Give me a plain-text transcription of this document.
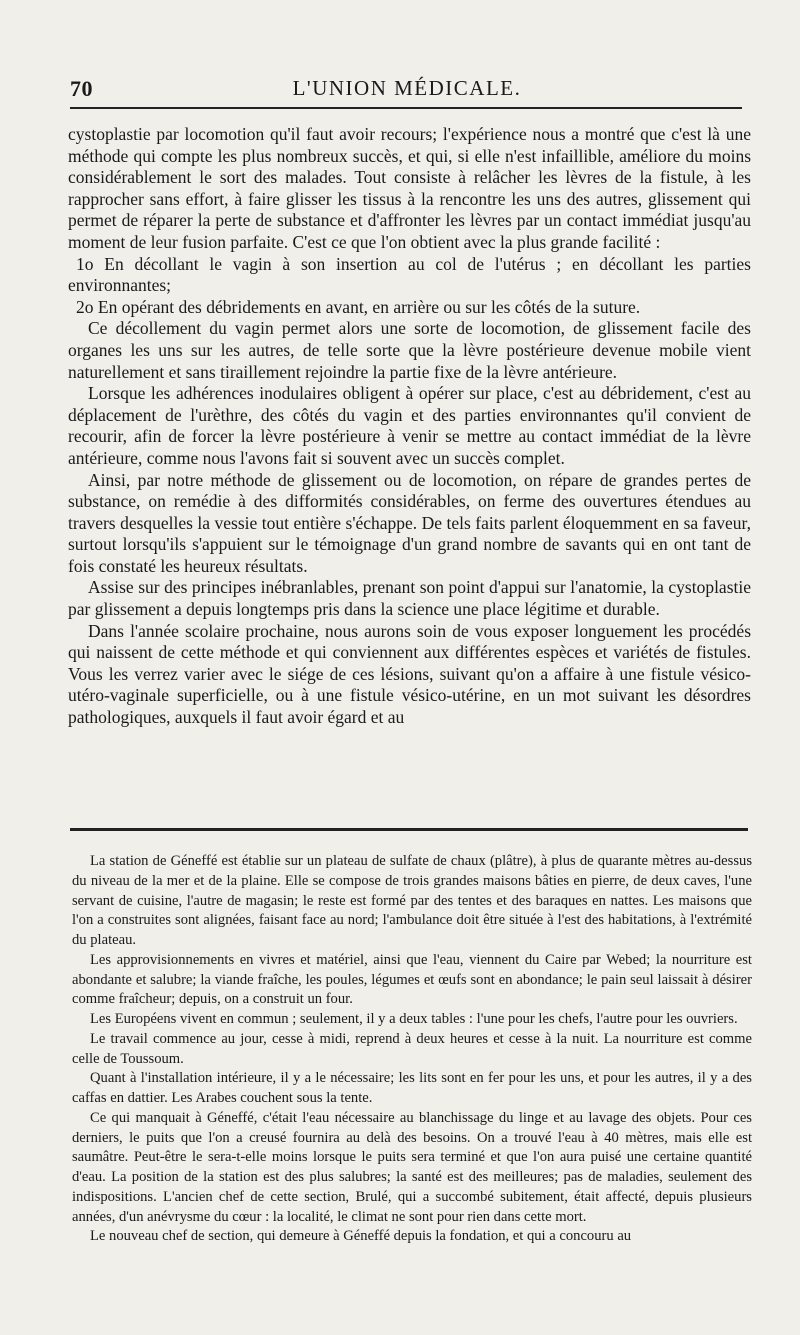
70	L'UNION MÉDICALE.

cystoplastie par locomotion qu'il faut avoir recours; l'expérience nous a montré que c'est là une méthode qui compte les plus nombreux succès, et qui, si elle n'est infaillible, améliore du moins considérablement le sort des malades. Tout consiste à relâcher les lèvres de la fistule, à les rapprocher sans effort, à faire glisser les tissus à la rencontre les uns des autres, glissement qui permet de réparer la perte de substance et d'affronter les lèvres par un contact immédiat jusqu'au moment de leur fusion parfaite. C'est ce que l'on obtient avec la plus grande facilité :

1o En décollant le vagin à son insertion au col de l'utérus ; en décollant les parties environnantes;

2o En opérant des débridements en avant, en arrière ou sur les côtés de la suture.

Ce décollement du vagin permet alors une sorte de locomotion, de glissement facile des organes les uns sur les autres, de telle sorte que la lèvre postérieure devenue mobile vient naturellement et sans tiraillement rejoindre la partie fixe de la lèvre antérieure.

Lorsque les adhérences inodulaires obligent à opérer sur place, c'est au débridement, c'est au déplacement de l'urèthre, des côtés du vagin et des parties environnantes qu'il convient de recourir, afin de forcer la lèvre postérieure à venir se mettre au contact immédiat de la lèvre antérieure, comme nous l'avons fait si souvent avec un succès complet.

Ainsi, par notre méthode de glissement ou de locomotion, on répare de grandes pertes de substance, on remédie à des difformités considérables, on ferme des ouvertures étendues au travers desquelles la vessie tout entière s'échappe. De tels faits parlent éloquemment en sa faveur, surtout lorsqu'ils s'appuient sur le témoignage d'un grand nombre de savants qui en ont tant de fois constaté les heureux résultats.

Assise sur des principes inébranlables, prenant son point d'appui sur l'anatomie, la cystoplastie par glissement a depuis longtemps pris dans la science une place légitime et durable.

Dans l'année scolaire prochaine, nous aurons soin de vous exposer longuement les procédés qui naissent de cette méthode et qui conviennent aux différentes espèces et variétés de fistules. Vous les verrez varier avec le siége de ces lésions, suivant qu'on a affaire à une fistule vésico-utéro-vaginale superficielle, ou à une fistule vésico-utérine, en un mot suivant les désordres pathologiques, auxquels il faut avoir égard et au

La station de Géneffé est établie sur un plateau de sulfate de chaux (plâtre), à plus de quarante mètres au-dessus du niveau de la mer et de la plaine. Elle se compose de trois grandes maisons bâties en pierre, de deux caves, l'une servant de cuisine, l'autre de magasin; le reste est formé par des tentes et des baraques en nattes. Les maisons que l'on a construites sont alignées, faisant face au nord; l'ambulance doit être située à l'est des habitations, à l'extrémité du plateau.

Les approvisionnements en vivres et matériel, ainsi que l'eau, viennent du Caire par Webed; la nourriture est abondante et salubre; la viande fraîche, les poules, légumes et œufs sont en abondance; le pain seul laissait à désirer comme fraîcheur; depuis, on a construit un four.

Les Européens vivent en commun ; seulement, il y a deux tables : l'une pour les chefs, l'autre pour les ouvriers.

Le travail commence au jour, cesse à midi, reprend à deux heures et cesse à la nuit. La nourriture est comme celle de Toussoum.

Quant à l'installation intérieure, il y a le nécessaire; les lits sont en fer pour les uns, et pour les autres, il y a des caffas en dattier. Les Arabes couchent sous la tente.

Ce qui manquait à Géneffé, c'était l'eau nécessaire au blanchissage du linge et au lavage des objets. Pour ces derniers, le puits que l'on a creusé fournira au delà des besoins. On a trouvé l'eau à 40 mètres, mais elle est saumâtre. Peut-être le sera-t-elle moins lorsque le puits sera terminé et que l'on aura puisé une certaine quantité d'eau. La position de la station est des plus salubres; la santé est des meilleures; pas de maladies, seulement des indispositions. L'ancien chef de cette section, Brulé, qui a succombé subitement, était affecté, depuis plusieurs années, d'un anévrysme du cœur : la localité, le climat ne sont pour rien dans cette mort.

Le nouveau chef de section, qui demeure à Géneffé depuis la fondation, et qui a concouru au
